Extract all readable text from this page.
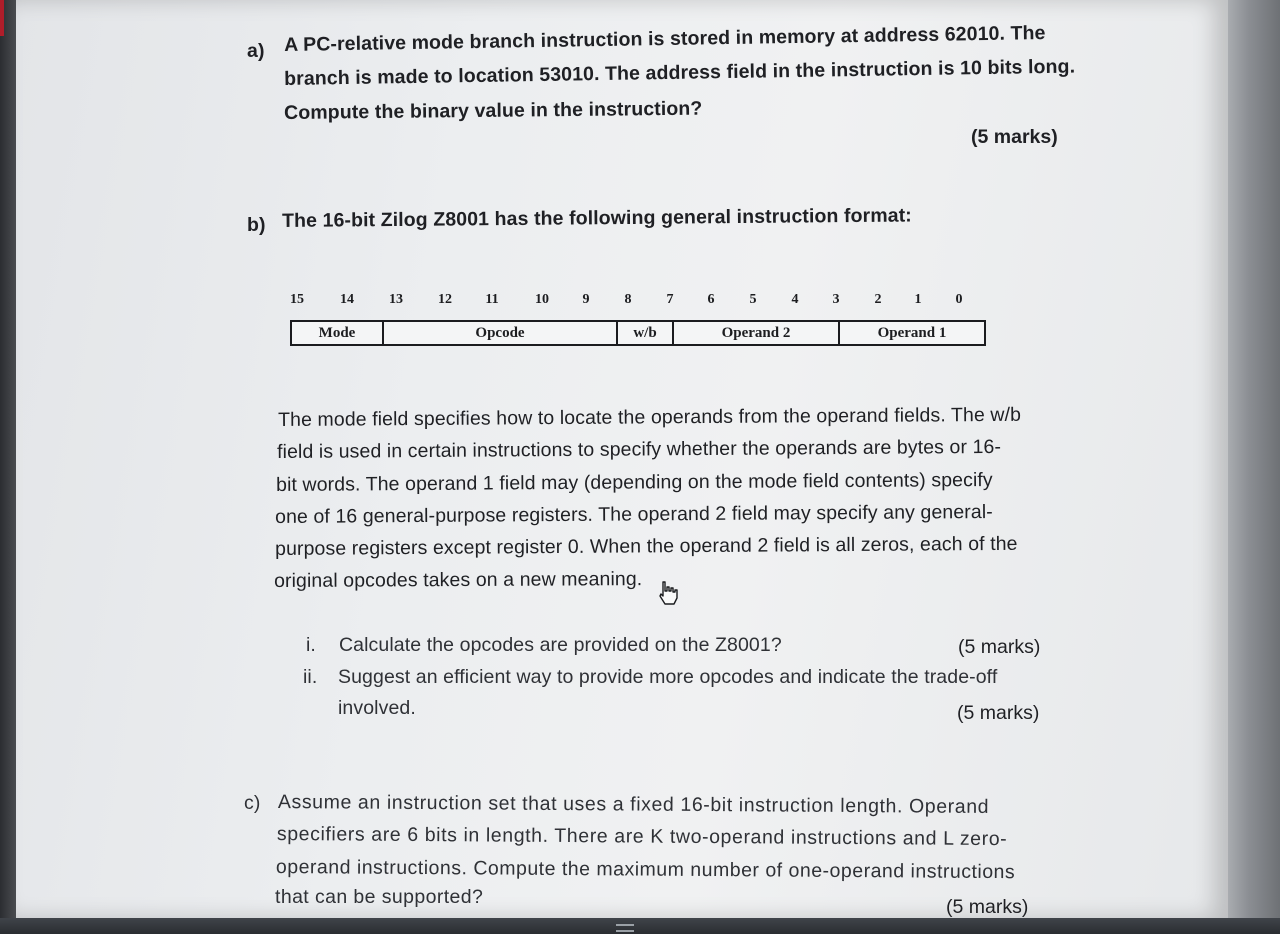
a) A PC-relative mode branch instruction is stored in memory at address 62010. The
branch is made to location 53010. The address field in the instruction is 10 bits long.
Compute the binary value in the instruction?
(5 marks)
b) The 16-bit Zilog Z8001 has the following general instruction format:
15	14	13	12	11	10	9	8	7	6	5	4	3	2	1	0
Mode	Opcode	w/b	Operand 2	Operand 1
The mode field specifies how to locate the operands from the operand fields. The w/b
field is used in certain instructions to specify whether the operands are bytes or 16-
bit words. The operand 1 field may (depending on the mode field contents) specify
one of 16 general-purpose registers. The operand 2 field may specify any general-
purpose registers except register 0. When the operand 2 field is all zeros, each of the
original opcodes takes on a new meaning.
i. Calculate the opcodes are provided on the Z8001?	(5 marks)
ii. Suggest an efficient way to provide more opcodes and indicate the trade-off
involved.	(5 marks)
c) Assume an instruction set that uses a fixed 16-bit instruction length. Operand
specifiers are 6 bits in length. There are K two-operand instructions and L zero-
operand instructions. Compute the maximum number of one-operand instructions
that can be supported?	(5 marks)
